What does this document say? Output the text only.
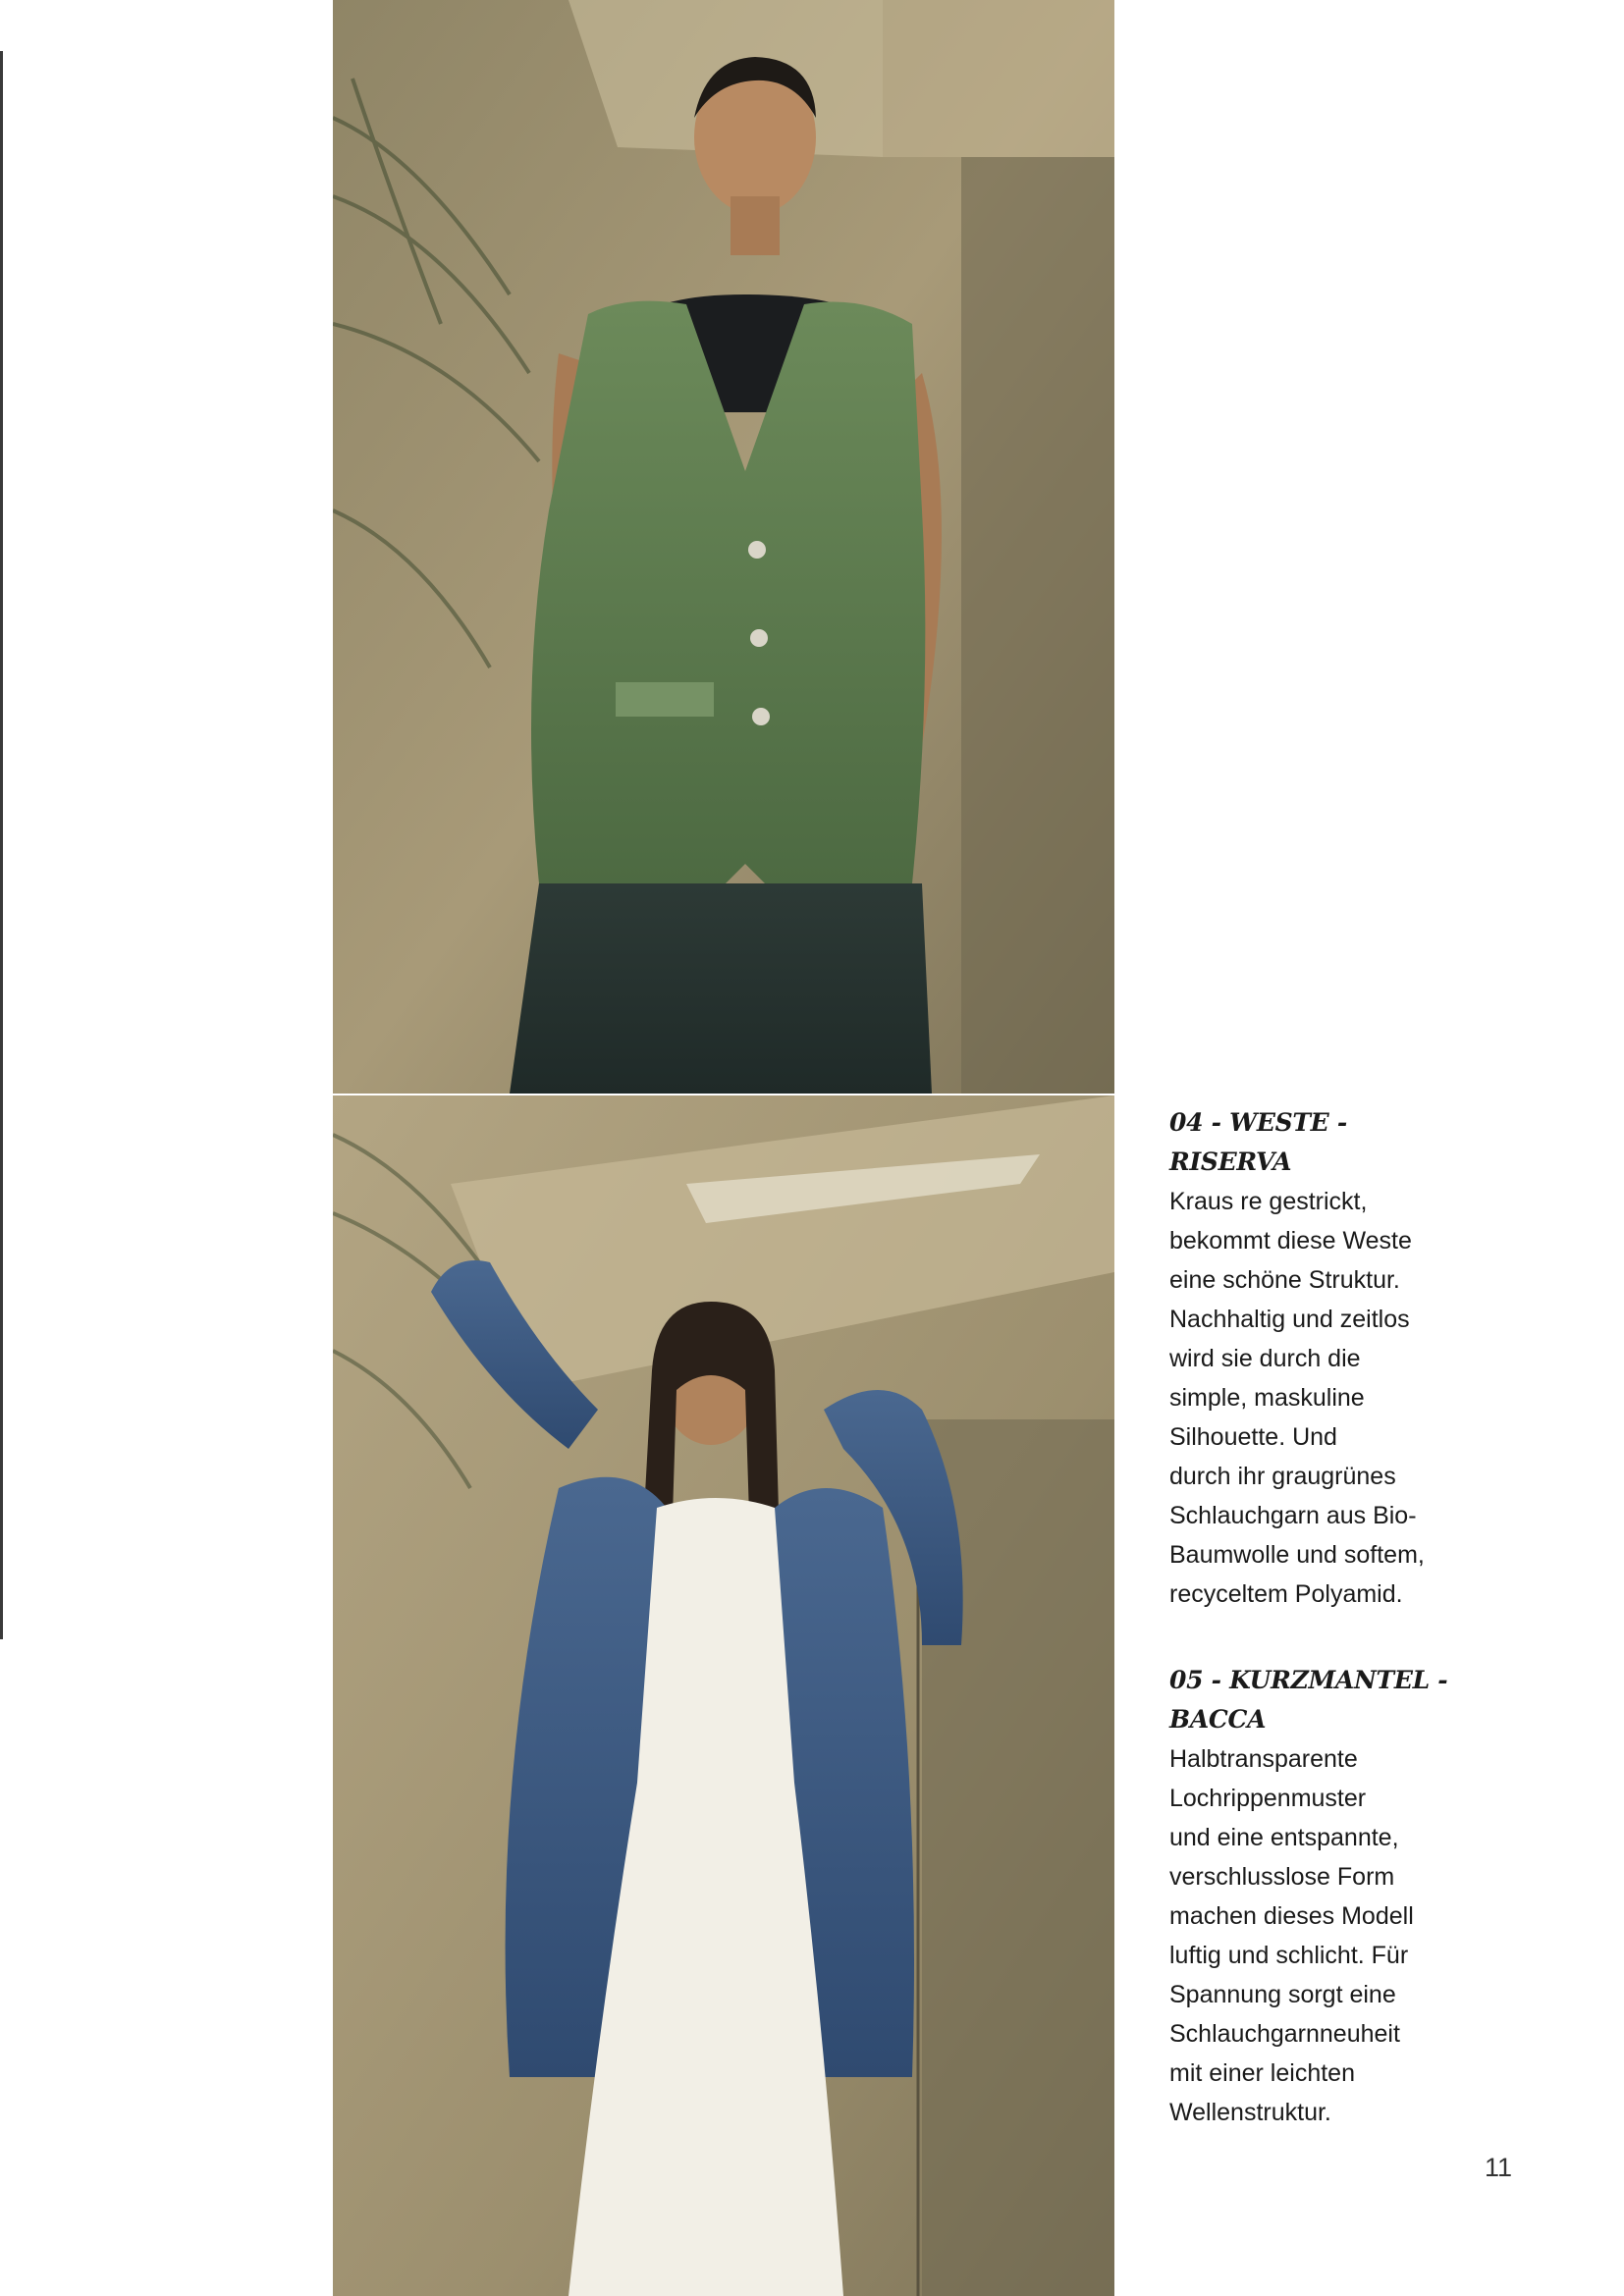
04 - WESTE -
RISERVA

Kraus re gestrickt,
bekommt diese Weste
eine schöne Struktur.
Nachhaltig und zeitlos
wird sie durch die
simple, maskuline
Silhouette. Und
durch ihr graugrünes
Schlauchgarn aus Bio-
Baumwolle und softem,
recyceltem Polyamid.

05 - KURZMANTEL -
BACCA

Halbtransparente
Lochrippenmuster
und eine entspannte,
verschlusslose Form
machen dieses Modell
luftig und schlicht. Für
Spannung sorgt eine
Schlauchgarnneuheit
mit einer leichten
Wellenstruktur.

11
